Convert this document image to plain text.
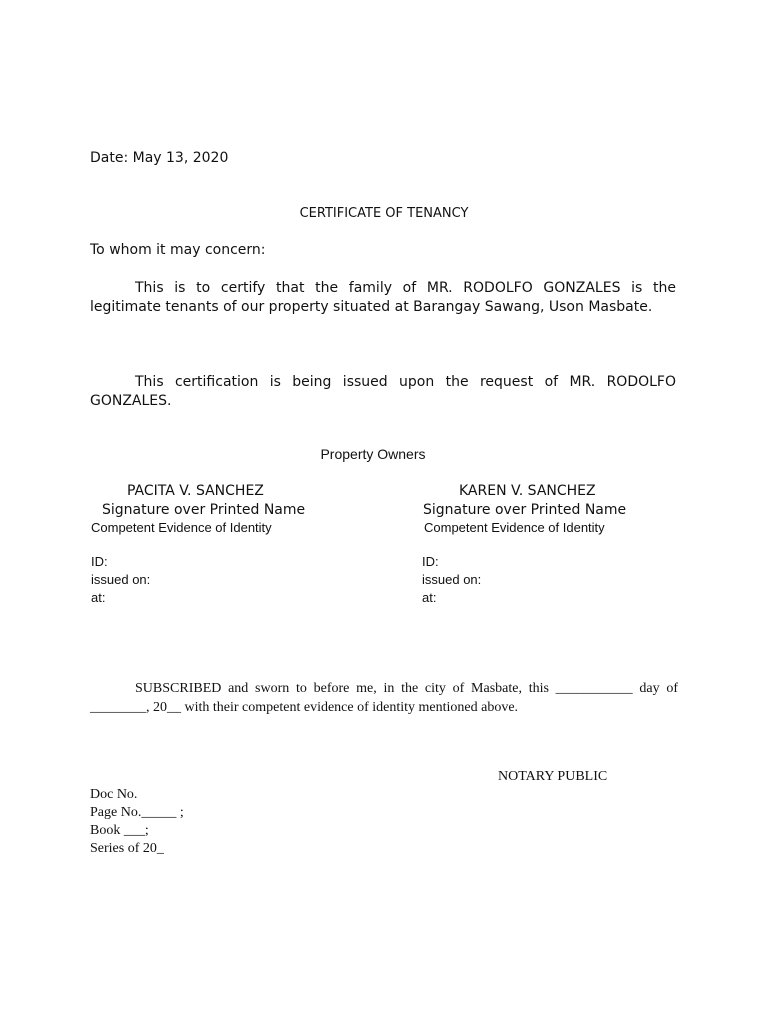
Date: May 13, 2020
CERTIFICATE OF TENANCY
To whom it may concern:
This is to certify that the family of MR. RODOLFO GONZALES is the legitimate tenants of our property situated at Barangay Sawang, Uson Masbate.
This certification is being issued upon the request of MR. RODOLFO GONZALES.
Property Owners
PACITA V. SANCHEZ
Signature over Printed Name
Competent Evidence of Identity
ID:
issued on:
at:
KAREN V. SANCHEZ
Signature over Printed Name
Competent Evidence of Identity
ID:
issued on:
at:
SUBSCRIBED and sworn to before me, in the city of Masbate, this ___________ day of ________, 20__ with their competent evidence of identity mentioned above.
NOTARY PUBLIC
Doc No.
Page No._____ ;
Book ___;
Series of 20_
